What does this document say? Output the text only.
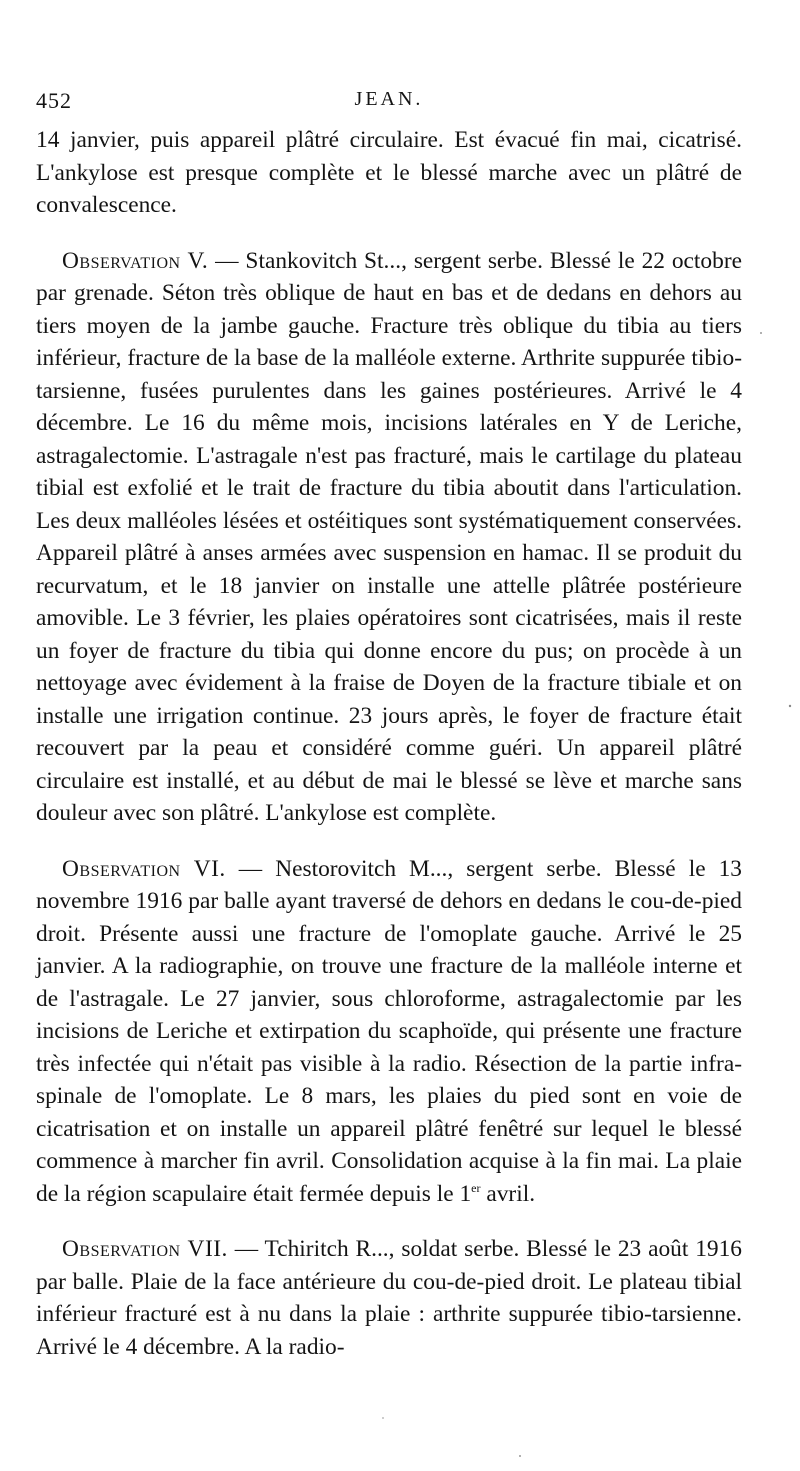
452	JEAN.

14 janvier, puis appareil plâtré circulaire. Est évacué fin mai, cicatrisé. L'ankylose est presque complète et le blessé marche avec un plâtré de convalescence.

Observation V. — Stankovitch St..., sergent serbe. Blessé le 22 octobre par grenade. Séton très oblique de haut en bas et de dedans en dehors au tiers moyen de la jambe gauche. Fracture très oblique du tibia au tiers inférieur, fracture de la base de la malléole externe. Arthrite suppurée tibio-tarsienne, fusées purulentes dans les gaines postérieures. Arrivé le 4 décembre. Le 16 du même mois, incisions latérales en Y de Leriche, astragalectomie. L'astragale n'est pas fracturé, mais le cartilage du plateau tibial est exfolié et le trait de fracture du tibia aboutit dans l'articulation. Les deux malléoles lésées et ostéitiques sont systématiquement conservées. Appareil plâtré à anses armées avec suspension en hamac. Il se produit du recurvatum, et le 18 janvier on installe une attelle plâtrée postérieure amovible. Le 3 février, les plaies opératoires sont cicatrisées, mais il reste un foyer de fracture du tibia qui donne encore du pus; on procède à un nettoyage avec évidement à la fraise de Doyen de la fracture tibiale et on installe une irrigation continue. 23 jours après, le foyer de fracture était recouvert par la peau et considéré comme guéri. Un appareil plâtré circulaire est installé, et au début de mai le blessé se lève et marche sans douleur avec son plâtré. L'ankylose est complète.

Observation VI. — Nestorovitch M..., sergent serbe. Blessé le 13 novembre 1916 par balle ayant traversé de dehors en dedans le cou-de-pied droit. Présente aussi une fracture de l'omoplate gauche. Arrivé le 25 janvier. A la radiographie, on trouve une fracture de la malléole interne et de l'astragale. Le 27 janvier, sous chloroforme, astragalectomie par les incisions de Leriche et extirpation du scaphoïde, qui présente une fracture très infectée qui n'était pas visible à la radio. Résection de la partie infra-spinale de l'omoplate. Le 8 mars, les plaies du pied sont en voie de cicatrisation et on installe un appareil plâtré fenêtré sur lequel le blessé commence à marcher fin avril. Consolidation acquise à la fin mai. La plaie de la région scapulaire était fermée depuis le 1er avril.

Observation VII. — Tchiritch R..., soldat serbe. Blessé le 23 août 1916 par balle. Plaie de la face antérieure du cou-de-pied droit. Le plateau tibial inférieur fracturé est à nu dans la plaie : arthrite suppurée tibio-tarsienne. Arrivé le 4 décembre. A la radio-
